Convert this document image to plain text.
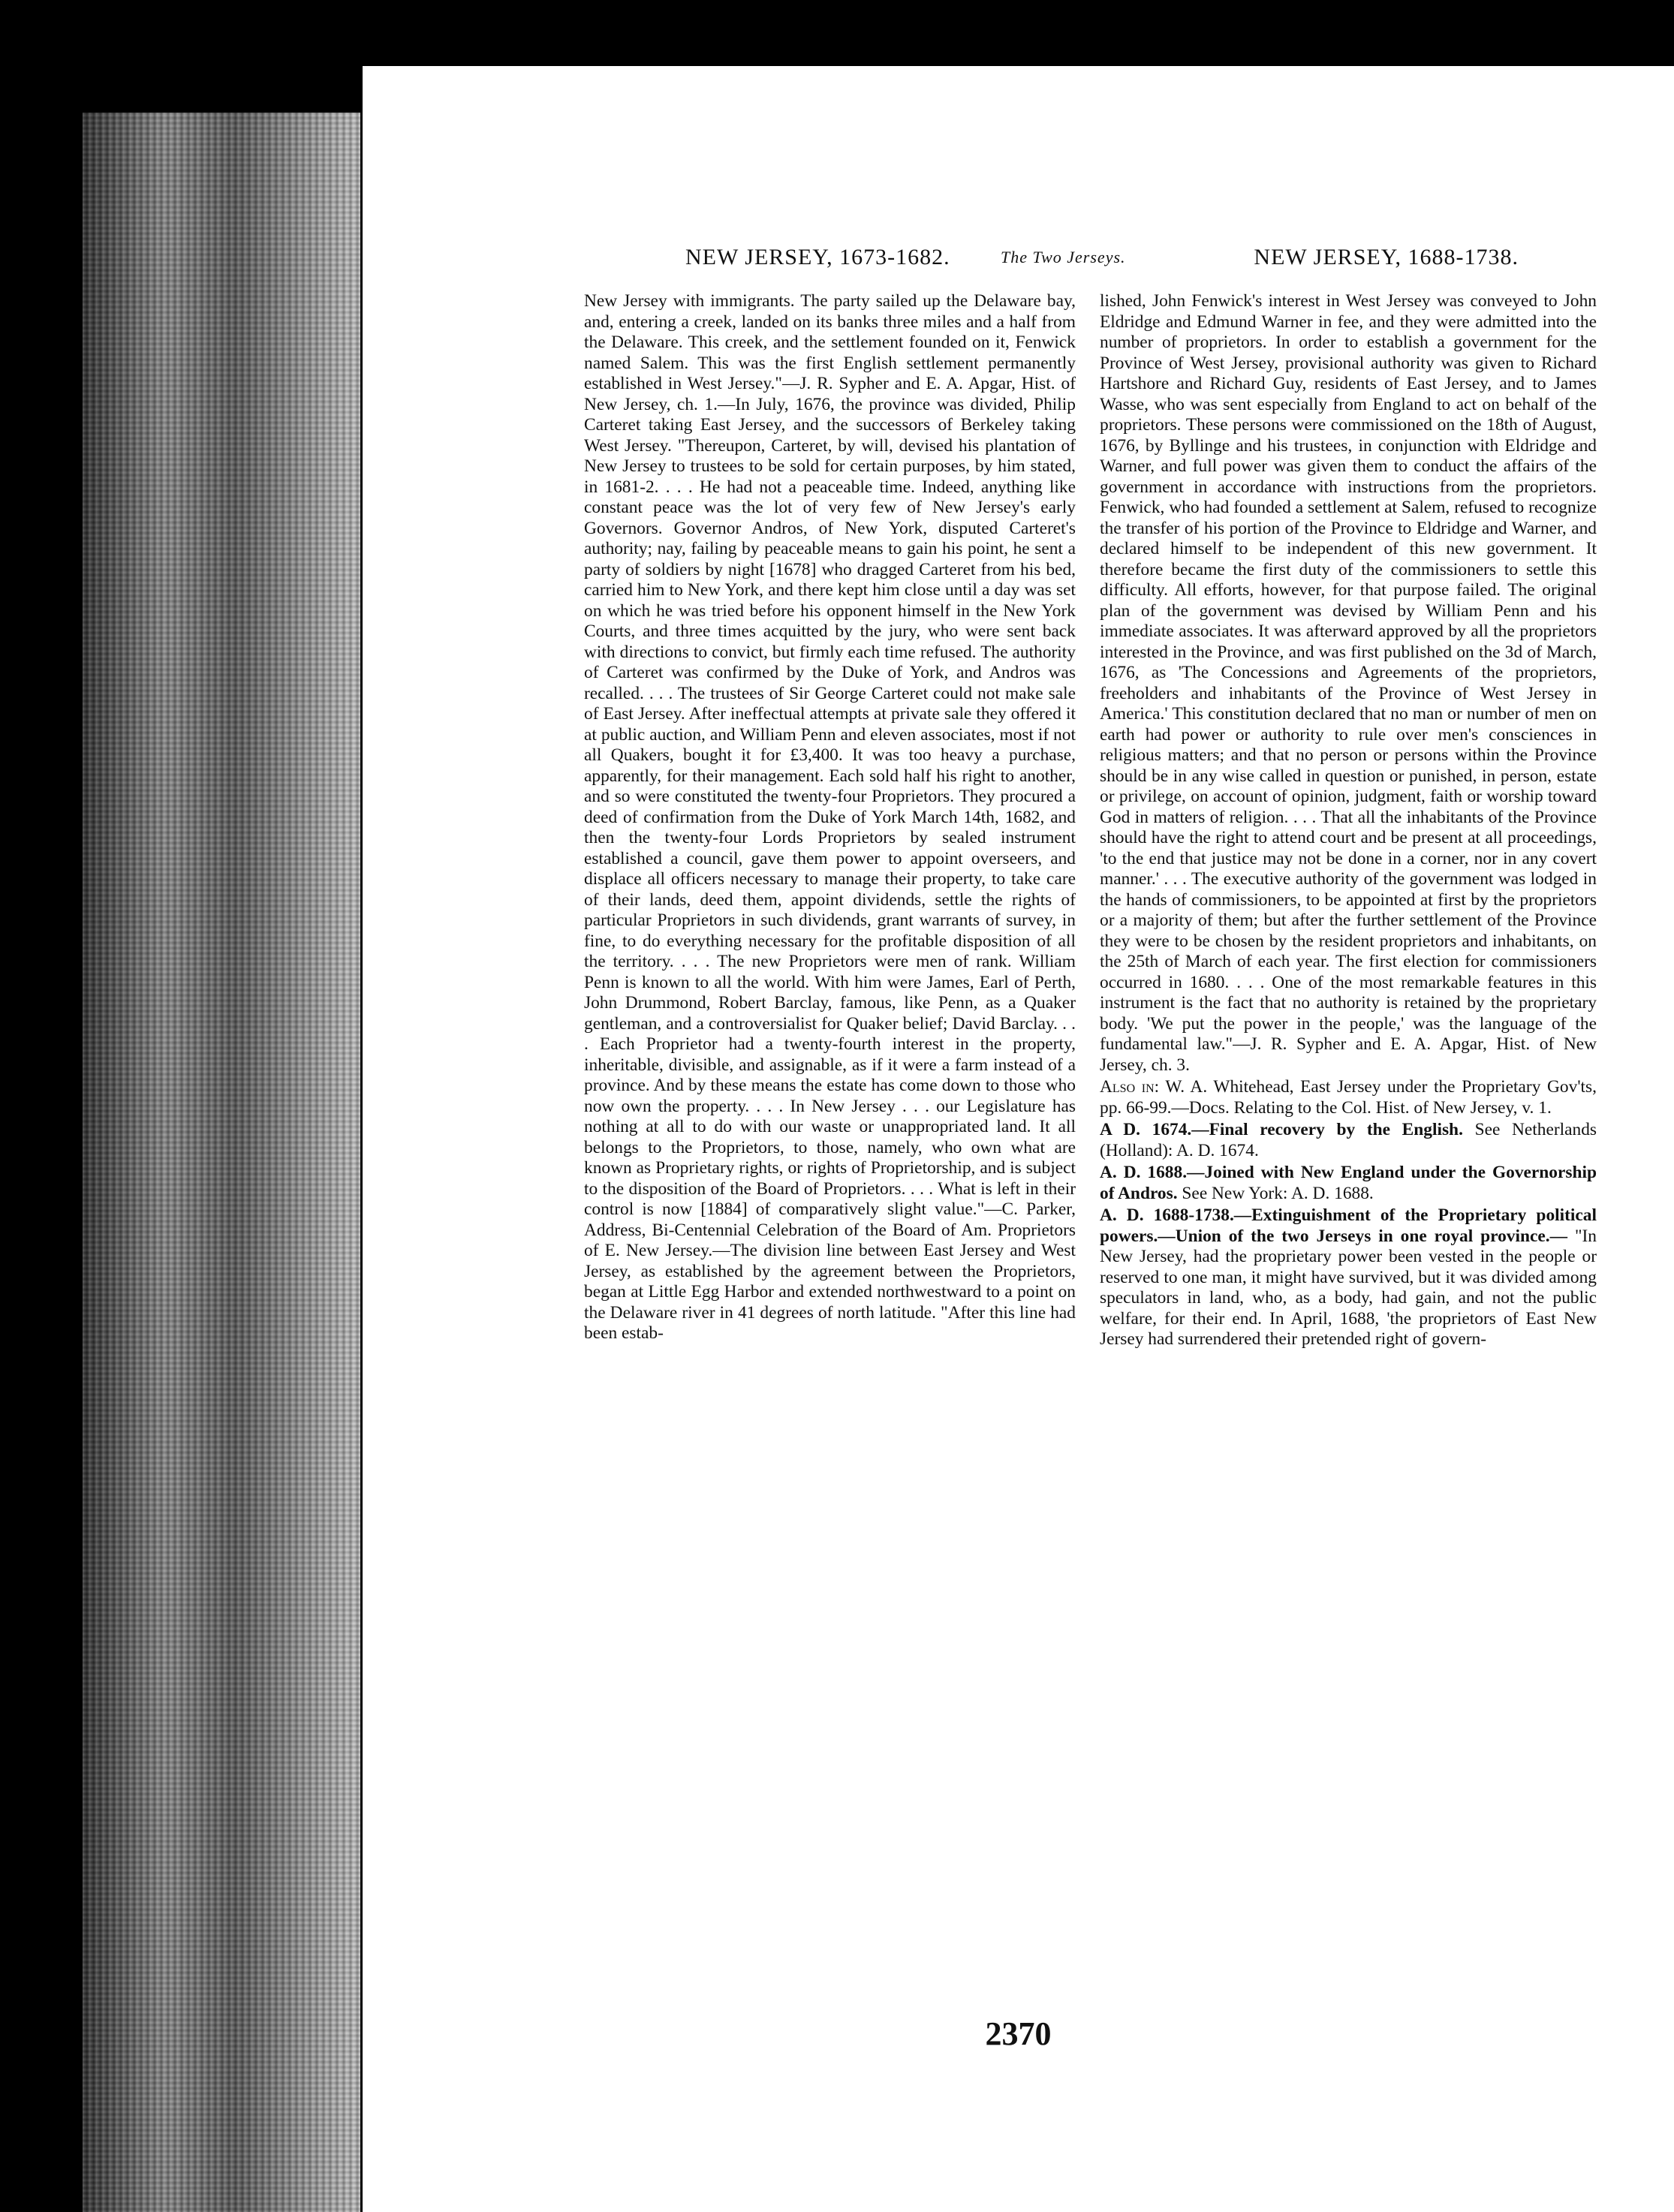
NEW JERSEY, 1673-1682.	The Two Jerseys.	NEW JERSEY, 1688-1738.

New Jersey with immigrants. The party sailed up the Delaware bay, and, entering a creek, landed on its banks three miles and a half from the Delaware. This creek, and the settlement founded on it, Fenwick named Salem. This was the first English settlement permanently established in West Jersey."—J. R. Sypher and E. A. Apgar, Hist. of New Jersey, ch. 1.—In July, 1676, the province was divided, Philip Carteret taking East Jersey, and the successors of Berkeley taking West Jersey. "Thereupon, Carteret, by will, devised his plantation of New Jersey to trustees to be sold for certain purposes, by him stated, in 1681-2. . . . He had not a peaceable time. Indeed, anything like constant peace was the lot of very few of New Jersey's early Governors. Governor Andros, of New York, disputed Carteret's authority; nay, failing by peaceable means to gain his point, he sent a party of soldiers by night [1678] who dragged Carteret from his bed, carried him to New York, and there kept him close until a day was set on which he was tried before his opponent himself in the New York Courts, and three times acquitted by the jury, who were sent back with directions to convict, but firmly each time refused. The authority of Carteret was confirmed by the Duke of York, and Andros was recalled. . . . The trustees of Sir George Carteret could not make sale of East Jersey. After ineffectual attempts at private sale they offered it at public auction, and William Penn and eleven associates, most if not all Quakers, bought it for £3,400. It was too heavy a purchase, apparently, for their management. Each sold half his right to another, and so were constituted the twenty-four Proprietors. They procured a deed of confirmation from the Duke of York March 14th, 1682, and then the twenty-four Lords Proprietors by sealed instrument established a council, gave them power to appoint overseers, and displace all officers necessary to manage their property, to take care of their lands, deed them, appoint dividends, settle the rights of particular Proprietors in such dividends, grant warrants of survey, in fine, to do everything necessary for the profitable disposition of all the territory. . . . The new Proprietors were men of rank. William Penn is known to all the world. With him were James, Earl of Perth, John Drummond, Robert Barclay, famous, like Penn, as a Quaker gentleman, and a controversialist for Quaker belief; David Barclay. . . . Each Proprietor had a twenty-fourth interest in the property, inheritable, divisible, and assignable, as if it were a farm instead of a province. And by these means the estate has come down to those who now own the property. . . . In New Jersey . . . our Legislature has nothing at all to do with our waste or unappropriated land. It all belongs to the Proprietors, to those, namely, who own what are known as Proprietary rights, or rights of Proprietorship, and is subject to the disposition of the Board of Proprietors. . . . What is left in their control is now [1884] of comparatively slight value."—C. Parker, Address, Bi-Centennial Celebration of the Board of Am. Proprietors of E. New Jersey.—The division line between East Jersey and West Jersey, as established by the agreement between the Proprietors, began at Little Egg Harbor and extended northwestward to a point on the Delaware river in 41 degrees of north latitude. "After this line had been estab-

lished, John Fenwick's interest in West Jersey was conveyed to John Eldridge and Edmund Warner in fee, and they were admitted into the number of proprietors. In order to establish a government for the Province of West Jersey, provisional authority was given to Richard Hartshore and Richard Guy, residents of East Jersey, and to James Wasse, who was sent especially from England to act on behalf of the proprietors. These persons were commissioned on the 18th of August, 1676, by Byllinge and his trustees, in conjunction with Eldridge and Warner, and full power was given them to conduct the affairs of the government in accordance with instructions from the proprietors. Fenwick, who had founded a settlement at Salem, refused to recognize the transfer of his portion of the Province to Eldridge and Warner, and declared himself to be independent of this new government. It therefore became the first duty of the commissioners to settle this difficulty. All efforts, however, for that purpose failed. The original plan of the government was devised by William Penn and his immediate associates. It was afterward approved by all the proprietors interested in the Province, and was first published on the 3d of March, 1676, as 'The Concessions and Agreements of the proprietors, freeholders and inhabitants of the Province of West Jersey in America.' This constitution declared that no man or number of men on earth had power or authority to rule over men's consciences in religious matters; and that no person or persons within the Province should be in any wise called in question or punished, in person, estate or privilege, on account of opinion, judgment, faith or worship toward God in matters of religion. . . . That all the inhabitants of the Province should have the right to attend court and be present at all proceedings, 'to the end that justice may not be done in a corner, nor in any covert manner.' . . . The executive authority of the government was lodged in the hands of commissioners, to be appointed at first by the proprietors or a majority of them; but after the further settlement of the Province they were to be chosen by the resident proprietors and inhabitants, on the 25th of March of each year. The first election for commissioners occurred in 1680. . . . One of the most remarkable features in this instrument is the fact that no authority is retained by the proprietary body. 'We put the power in the people,' was the language of the fundamental law."—J. R. Sypher and E. A. Apgar, Hist. of New Jersey, ch. 3.

Also in: W. A. Whitehead, East Jersey under the Proprietary Gov'ts, pp. 66-99.—Docs. Relating to the Col. Hist. of New Jersey, v. 1.

A D. 1674.—Final recovery by the English. See Netherlands (Holland): A. D. 1674.

A. D. 1688.—Joined with New England under the Governorship of Andros. See New York: A. D. 1688.

A. D. 1688-1738.—Extinguishment of the Proprietary political powers.—Union of the two Jerseys in one royal province.— "In New Jersey, had the proprietary power been vested in the people or reserved to one man, it might have survived, but it was divided among speculators in land, who, as a body, had gain, and not the public welfare, for their end. In April, 1688, 'the proprietors of East New Jersey had surrendered their pretended right of govern-

2370
